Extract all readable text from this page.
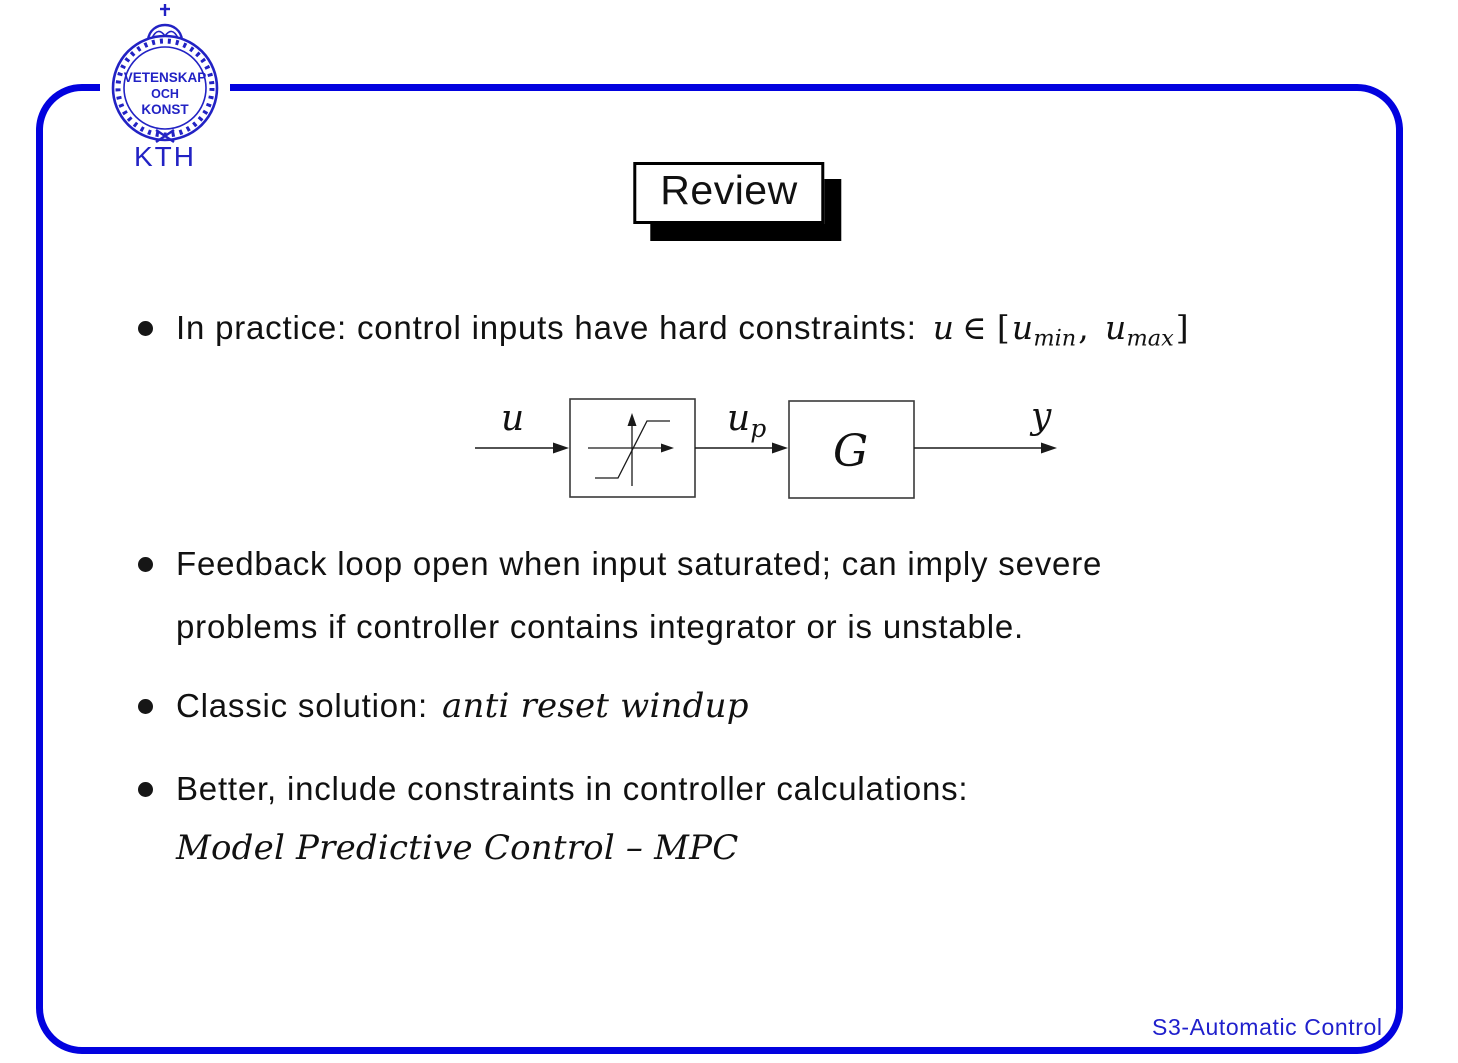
VETENSKAP
OCH
KONST
KTH
Review
In practice: control inputs have hard constraints: u ∈ [$u_{min}$, $u_{max}$]
u	up G
y
Feedback loop open when input saturated; can imply severe
problems if controller contains integrator or is unstable.
Classic solution: anti reset windup
Better, include constraints in controller calculations:
Model Predictive Control – MPC
S3-Automatic Control
